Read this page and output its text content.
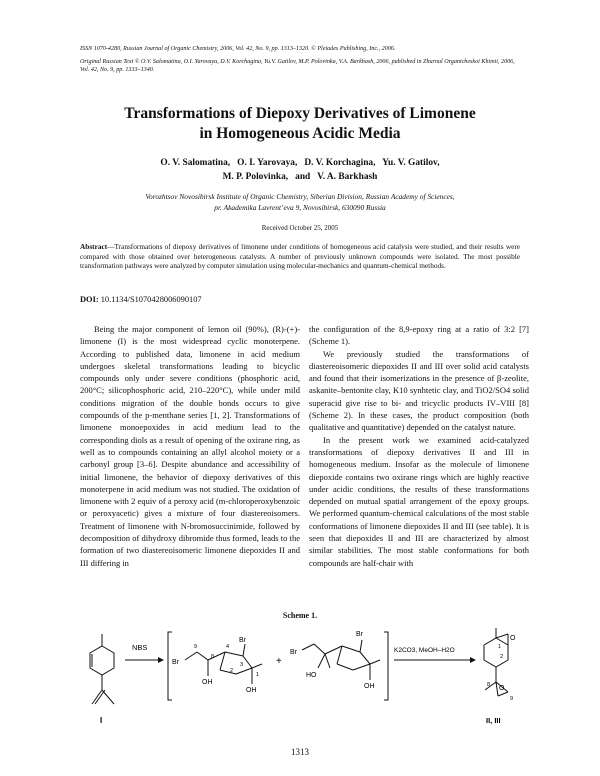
ISSN 1070-4280, Russian Journal of Organic Chemistry, 2006, Vol. 42, No. 9, pp. 1313–1320. © Pleiades Publishing, Inc., 2006.
Original Russian Text © O.V. Salomatina, O.I. Yarovaya, D.V. Korchagina, Yu.V. Gatilov, M.P. Polovinka, V.A. Barkhash, 2006, published in Zhurnal Organicheskoi Khimii, 2006, Vol. 42, No. 9, pp. 1333–1340.
Transformations of Diepoxy Derivatives of Limonene
in Homogeneous Acidic Media
O. V. Salomatina,   O. I. Yarovaya,   D. V. Korchagina,   Yu. V. Gatilov,
M. P. Polovinka,   and   V. A. Barkhash
Vorozhtsov Novosibirsk Institute of Organic Chemistry, Siberian Division, Russian Academy of Sciences,
pr. Akademika Lavrent’eva 9, Novosibirsk, 630090 Russia
Received October 25, 2005
Abstract—Transformations of diepoxy derivatives of limonene under conditions of homogeneous acid catalysis were studied, and their results were compared with those obtained over heterogeneous catalysts. A number of previously unknown compounds were isolated. The most possible transformation pathways were analyzed by computer simulation using molecular-mechanics and quantum-chemical methods.
DOI: 10.1134/S1070428006090107

Being the major component of lemon oil (90%), (R)-(+)-limonene (I) is the most widespread cyclic monoterpene. According to published data, limonene in acid medium undergoes skeletal transformations leading to bicyclic compounds only under severe conditions (phosphoric acid, 200°C; silicophosphoric acid, 210–220°C), while under mild conditions migration of the double bonds occurs to give compounds of the p-menthane series [1, 2]. Transformations of limonene monoepoxides in acid medium lead to the corresponding diols as a result of opening of the oxirane ring, as well as to compounds containing an allyl alcohol moiety or a carbonyl group [3–6]. Despite abundance and accessibility of initial limonene, the behavior of diepoxy derivatives of this monoterpene in acid medium was not studied. The oxidation of limonene with 2 equiv of a peroxy acid (m-chloroperoxybenzoic or peroxyacetic) gives a mixture of four diastereoisomers. Treatment of limonene with N-bromosuccinimide, followed by decomposition of dihydroxy dibromide thus formed, leads to the formation of two diastereoisomeric limonene diepoxides II and III differing in

the configuration of the 8,9-epoxy ring at a ratio of 3:2 [7] (Scheme 1).

We previously studied the transformations of diastereoisomeric diepoxides II and III over solid acid catalysts and found that their isomerizations in the presence of β-zeolite, askanite–bentonite clay, K10 synhtetic clay, and TiO2/SO4 solid superacid give rise to bi- and tricyclic products IV–VIII [8] (Scheme 2). In these cases, the product composition (both qualitative and quantitative) depended on the catalyst nature.

In the present work we examined acid-catalyzed transformations of diepoxy derivatives II and III in homogeneous medium. Insofar as the molecule of limonene diepoxide contains two oxirane rings which are highly reactive under acidic conditions, the results of these transformations depended on mutual spatial arrangement of the epoxy groups. We performed quantum-chemical calculations of the most stable conformations of limonene diepoxides II and III (see table). It is seen that diepoxides II and III are characterized by almost similar stabilities. The most stable conformations for both compounds are half-chair with

Scheme 1.
I
NBS
Br
9
8
4
3
2
1
Br
OH
OH
+
Br
Br
HO
OH
K2CO3, MeOH–H2O
O
1
2
8 O
9
II, III
1313
